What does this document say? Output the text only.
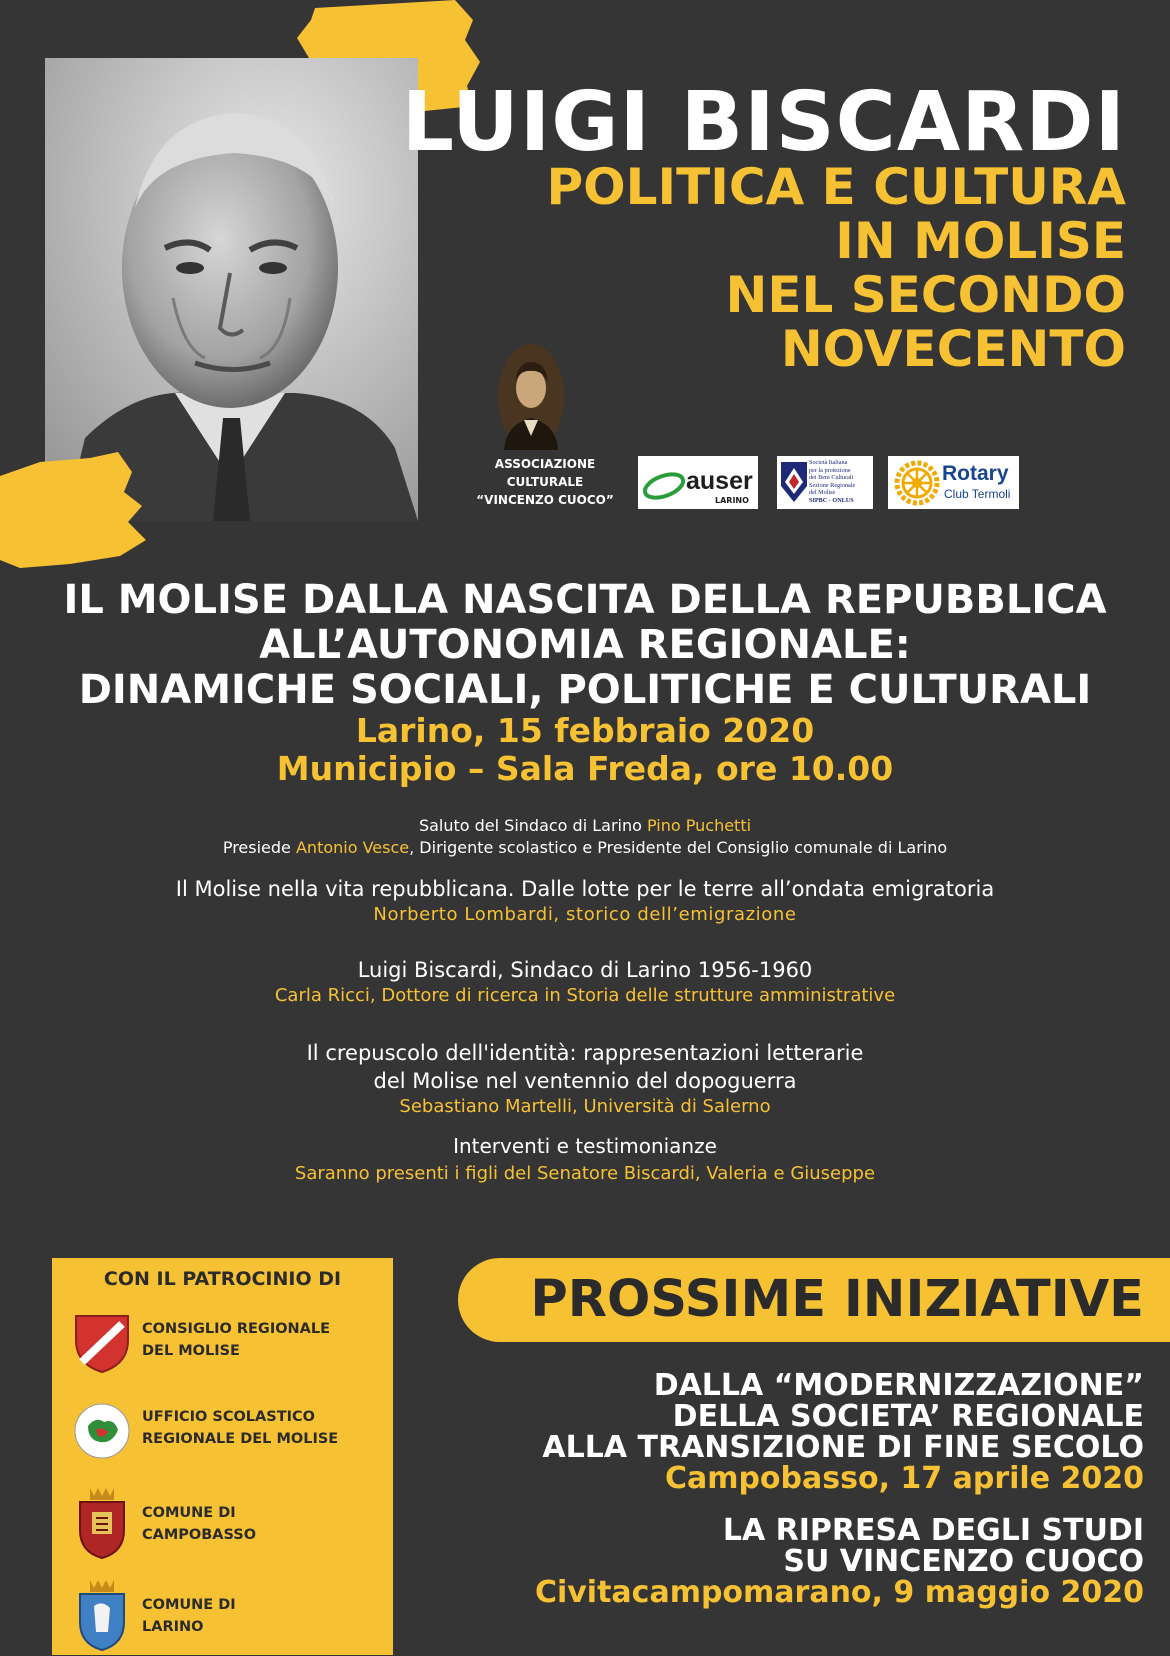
LUIGI BISCARDI
POLITICA E CULTURA
IN MOLISE
NEL SECONDO
NOVECENTO
ASSOCIAZIONE
CULTURALE
“VINCENZO CUOCO”
auser
LARINO
Società Italiana
per la protezione
dei Beni Culturali
Sezione Regionale
del Molise
SIPBC - ONLUS
Rotary
Club Termoli
IL MOLISE DALLA NASCITA DELLA REPUBBLICA
ALL’AUTONOMIA REGIONALE:
DINAMICHE SOCIALI, POLITICHE E CULTURALI
Larino, 15 febbraio 2020
Municipio – Sala Freda, ore 10.00
Saluto del Sindaco di Larino Pino Puchetti
Presiede Antonio Vesce, Dirigente scolastico e Presidente del Consiglio comunale di Larino
Il Molise nella vita repubblicana. Dalle lotte per le terre all’ondata emigratoria
Norberto Lombardi, storico dell’emigrazione
Luigi Biscardi, Sindaco di Larino 1956-1960
Carla Ricci, Dottore di ricerca in Storia delle strutture amministrative
Il crepuscolo dell'identità: rappresentazioni letterarie
del Molise nel ventennio del dopoguerra
Sebastiano Martelli, Università di Salerno
Interventi e testimonianze
Saranno presenti i figli del Senatore Biscardi, Valeria e Giuseppe
CON IL PATROCINIO DI
CONSIGLIO REGIONALE
DEL MOLISE
UFFICIO SCOLASTICO
REGIONALE DEL MOLISE
COMUNE DI
CAMPOBASSO
COMUNE DI
LARINO
PROSSIME INIZIATIVE
DALLA “MODERNIZZAZIONE”
DELLA SOCIETA’ REGIONALE
ALLA TRANSIZIONE DI FINE SECOLO
Campobasso, 17 aprile 2020
LA RIPRESA DEGLI STUDI
SU VINCENZO CUOCO
Civitacampomarano, 9 maggio 2020
